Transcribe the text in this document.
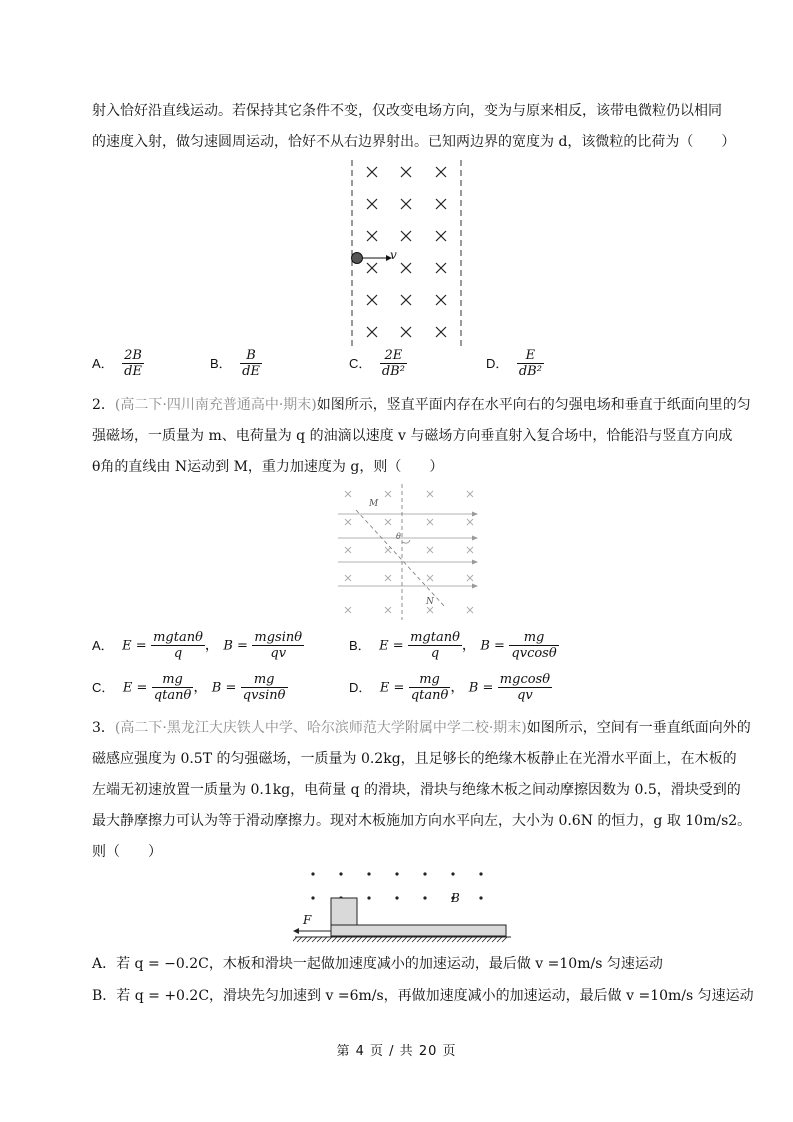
射入恰好沿直线运动。若保持其它条件不变，仅改变电场方向，变为与原来相反，该带电微粒仍以相同
的速度入射，做匀速圆周运动，恰好不从右边界射出。已知两边界的宽度为 d，该微粒的比荷为（　　）
v
A． $\frac{2B}{dE}$	B． $\frac{B}{dE}$	C． $\frac{2E}{\text{dB²}}$	D． $\frac{E}{\text{dB²}}$
2．(高二下·四川南充普通高中·期末)如图所示，竖直平面内存在水平向右的匀强电场和垂直于纸面向里的匀
强磁场，一质量为 m、电荷量为 q 的油滴以速度 v 与磁场方向垂直射入复合场中，恰能沿与竖直方向成
θ角的直线由 N运动到 M，重力加速度为 g，则（　　）
M
N
θ
A． $E = \frac{mgtan\theta}{q}$ ， $B = \frac{mgsin\theta}{qv}$	B． $E = \frac{mgtan\theta}{q}$ ， $B = \frac{mg}{qvcos\theta}$
C． $E = \frac{mg}{qtan\theta}$ ， $B = \frac{mg}{qvsin\theta}$	D． $E = \frac{mg}{qtan\theta}$ ， $B = \frac{mgcos\theta}{qv}$
3．(高二下·黑龙江大庆铁人中学、哈尔滨师范大学附属中学二校·期末)如图所示，空间有一垂直纸面向外的
磁感应强度为 0.5T 的匀强磁场，一质量为 0.2kg，且足够长的绝缘木板静止在光滑水平面上，在木板的
左端无初速放置一质量为 0.1kg，电荷量 q 的滑块，滑块与绝缘木板之间动摩擦因数为 0.5，滑块受到的
最大静摩擦力可认为等于滑动摩擦力。现对木板施加方向水平向左，大小为 0.6N 的恒力，g 取 10m/s2。
则（　　）
F
B
A．若 q = −0.2C，木板和滑块一起做加速度减小的加速运动，最后做 v =10m/s 匀速运动
B．若 q = +0.2C，滑块先匀加速到 v =6m/s，再做加速度减小的加速运动，最后做 v =10m/s 匀速运动
第 4 页 / 共 20 页
